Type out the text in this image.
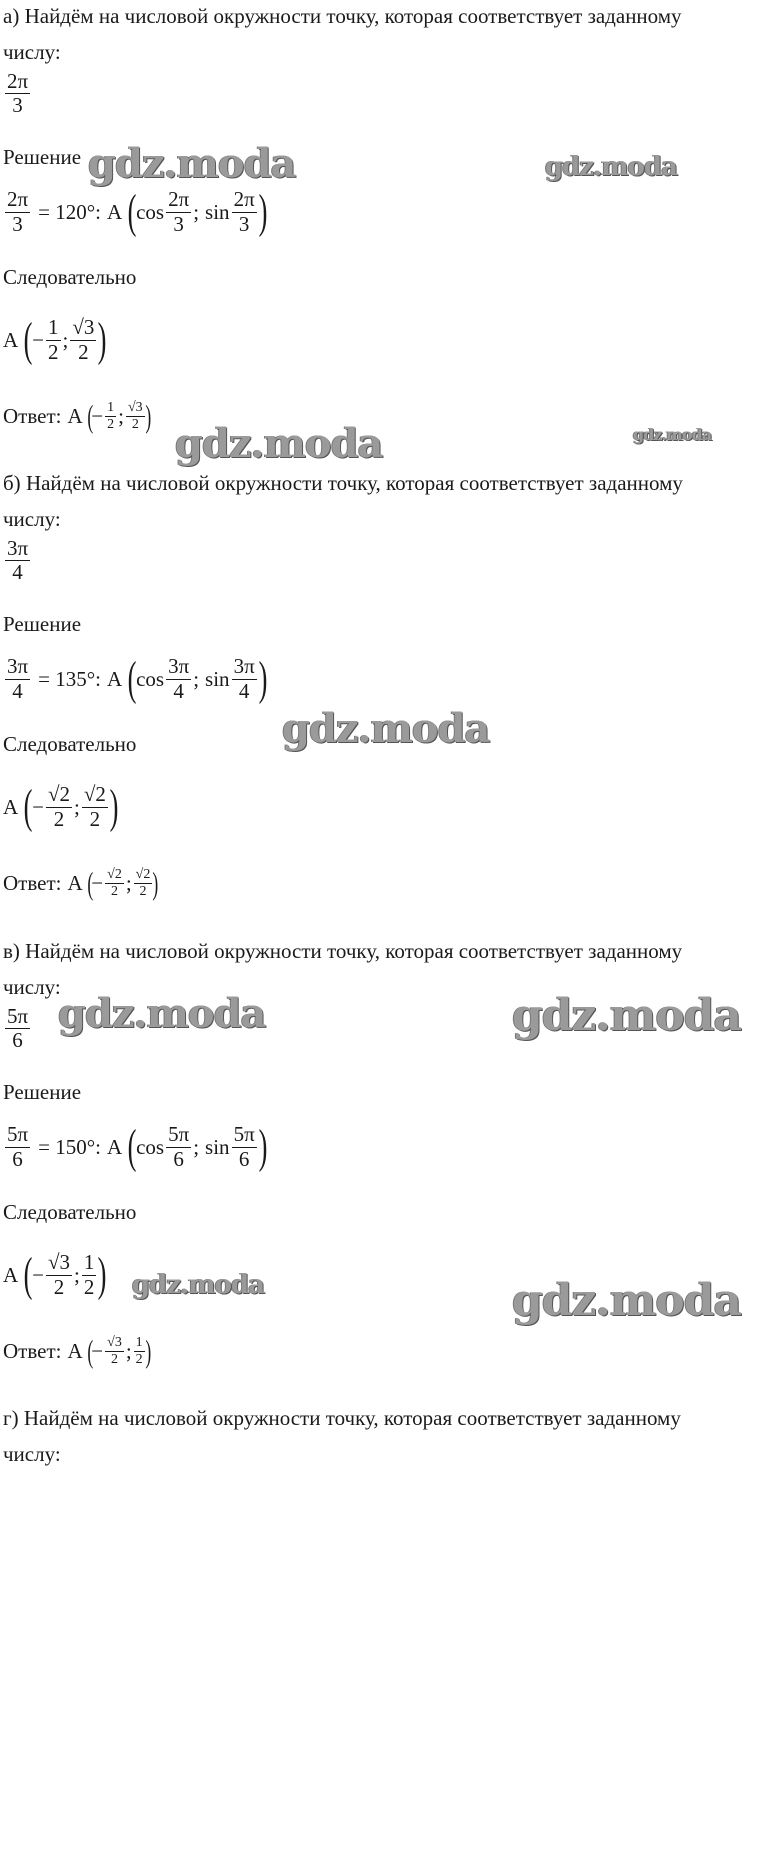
а) Найдём на числовой окружности точку, которая соответствует заданному
числу:
$\frac{2\pi}{3}$
Решение
$\frac{2\pi}{3} = 120^\circ$: A ( $\cos \frac{2\pi}{3}$ ; $\sin \frac{2\pi}{3}$ )
Следовательно
A ( − $\frac{1}{2}$ ; $\frac{√3}{2}$ )
Ответ: A (
− $\frac{1}{2}$ ; $\frac{√3}{2}$ )
б) Найдём на числовой окружности точку, которая соответствует заданному
числу:
$\frac{3\pi}{4}$
Решение
$\frac{3\pi}{4} = 135^\circ$: A ( $\cos \frac{3\pi}{4}$ ; $\sin \frac{3\pi}{4}$ )
Следовательно
A ( − $\frac{√2}{2}$ ; $\frac{√2}{2}$ )
Ответ: A (
− $\frac{√2}{2}$ ; $\frac{√2}{2}$ )
в) Найдём на числовой окружности точку, которая соответствует заданному
числу:
$\frac{5\pi}{6}$
Решение
$\frac{5\pi}{6} = 150^\circ$: A ( $\cos \frac{5\pi}{6}$ ; $\sin \frac{5\pi}{6}$ )
Следовательно
A ( − $\frac{√3}{2}$ ; $\frac{1}{2}$ )
Ответ: A (
− $\frac{√3}{2}$ ; $\frac{1}{2}$ )
г) Найдём на числовой окружности точку, которая соответствует заданному
числу:
gdz.moda	gdz.moda
gdz.moda	gdz.moda
gdz.moda
gdz.moda	gdz.moda
gdz.moda	gdz.moda
